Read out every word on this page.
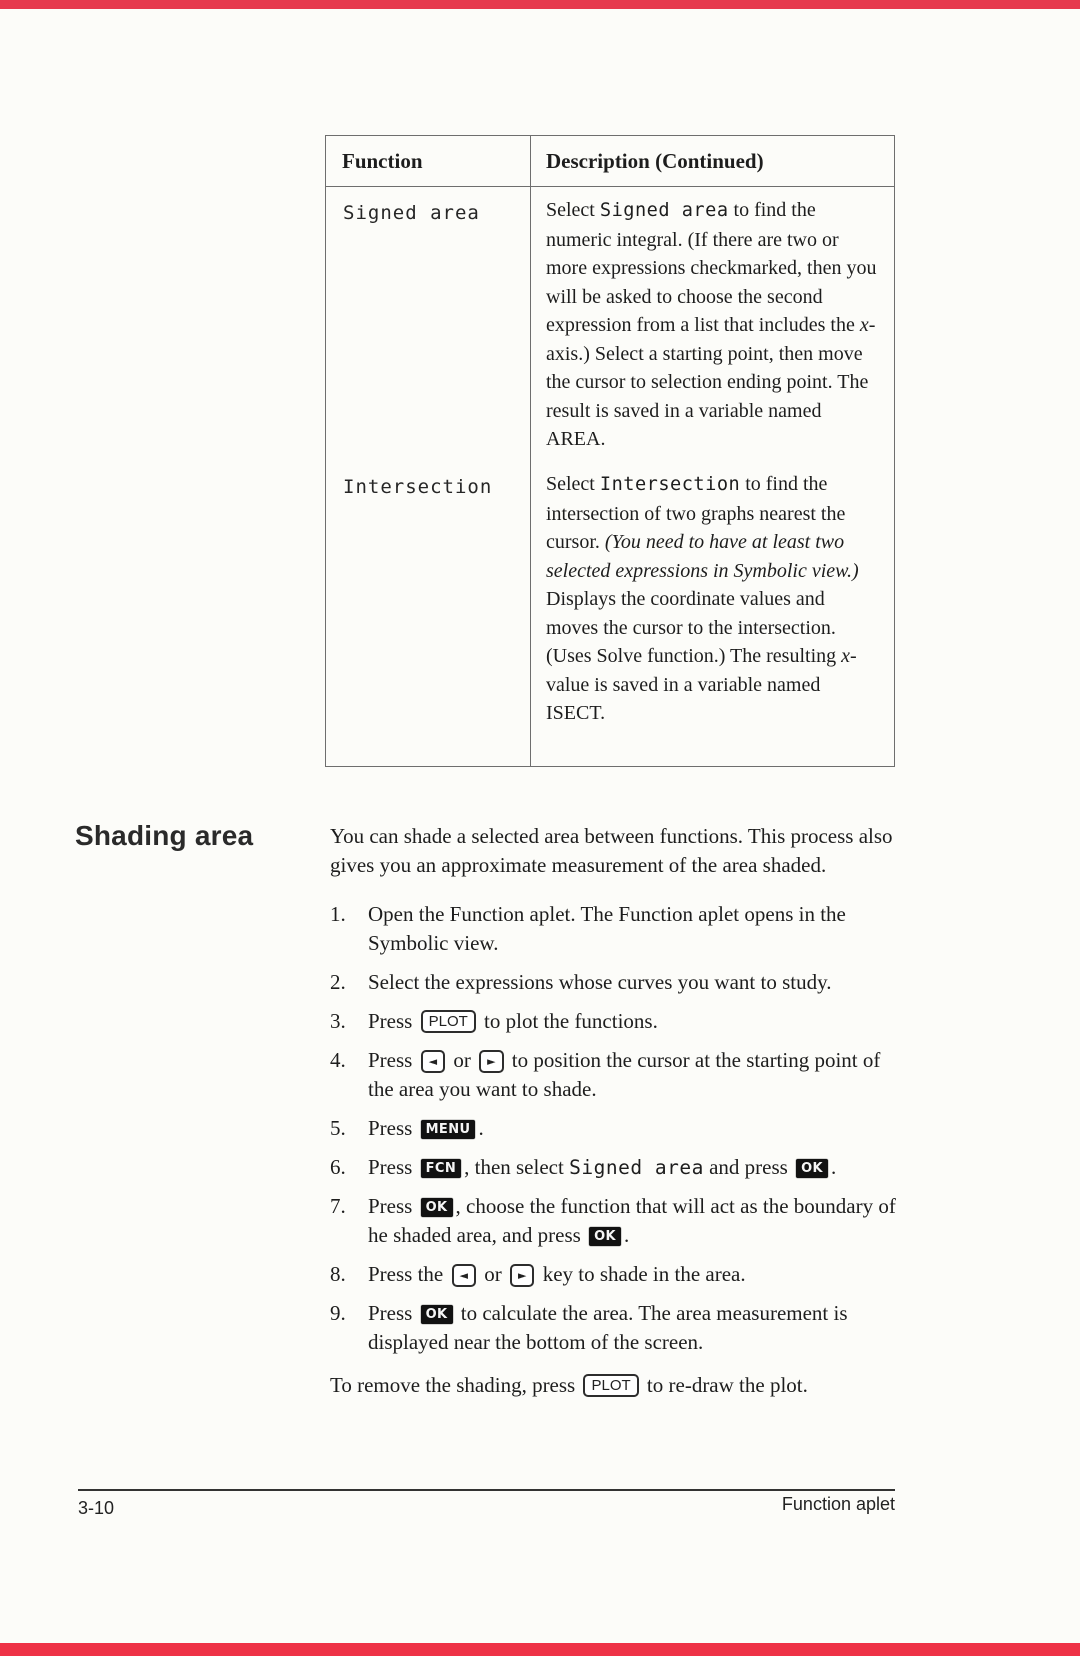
Function	Description (Continued)
Signed area	Select Signed area to find the numeric integral. (If there are two or more expressions checkmarked, then you will be asked to choose the second expression from a list that includes the x-axis.) Select a starting point, then move the cursor to selection ending point. The result is saved in a variable named AREA.
Intersection	Select Intersection to find the intersection of two graphs nearest the cursor. (You need to have at least two selected expressions in Symbolic view.) Displays the coordinate values and moves the cursor to the intersection. (Uses Solve function.) The resulting x-value is saved in a variable named ISECT.
Shading area	You can shade a selected area between functions. This process also gives you an approximate measurement of the area shaded.

1.	Open the Function aplet. The Function aplet opens in the Symbolic view.
2.	Select the expressions whose curves you want to study.
3.	Press PLOT to plot the functions.
4.	Press ◄ or ► to position the cursor at the starting point of the area you want to shade.
5.	Press MENU .
6.	Press FCN , then select Signed area and press OK .
7.	Press OK , choose the function that will act as the boundary of he shaded area, and press OK .
8.	Press the ◄ or ► key to shade in the area.
9.	Press OK to calculate the area. The area measurement is displayed near the bottom of the screen.

To remove the shading, press PLOT to re-draw the plot.

3-10	Function aplet
